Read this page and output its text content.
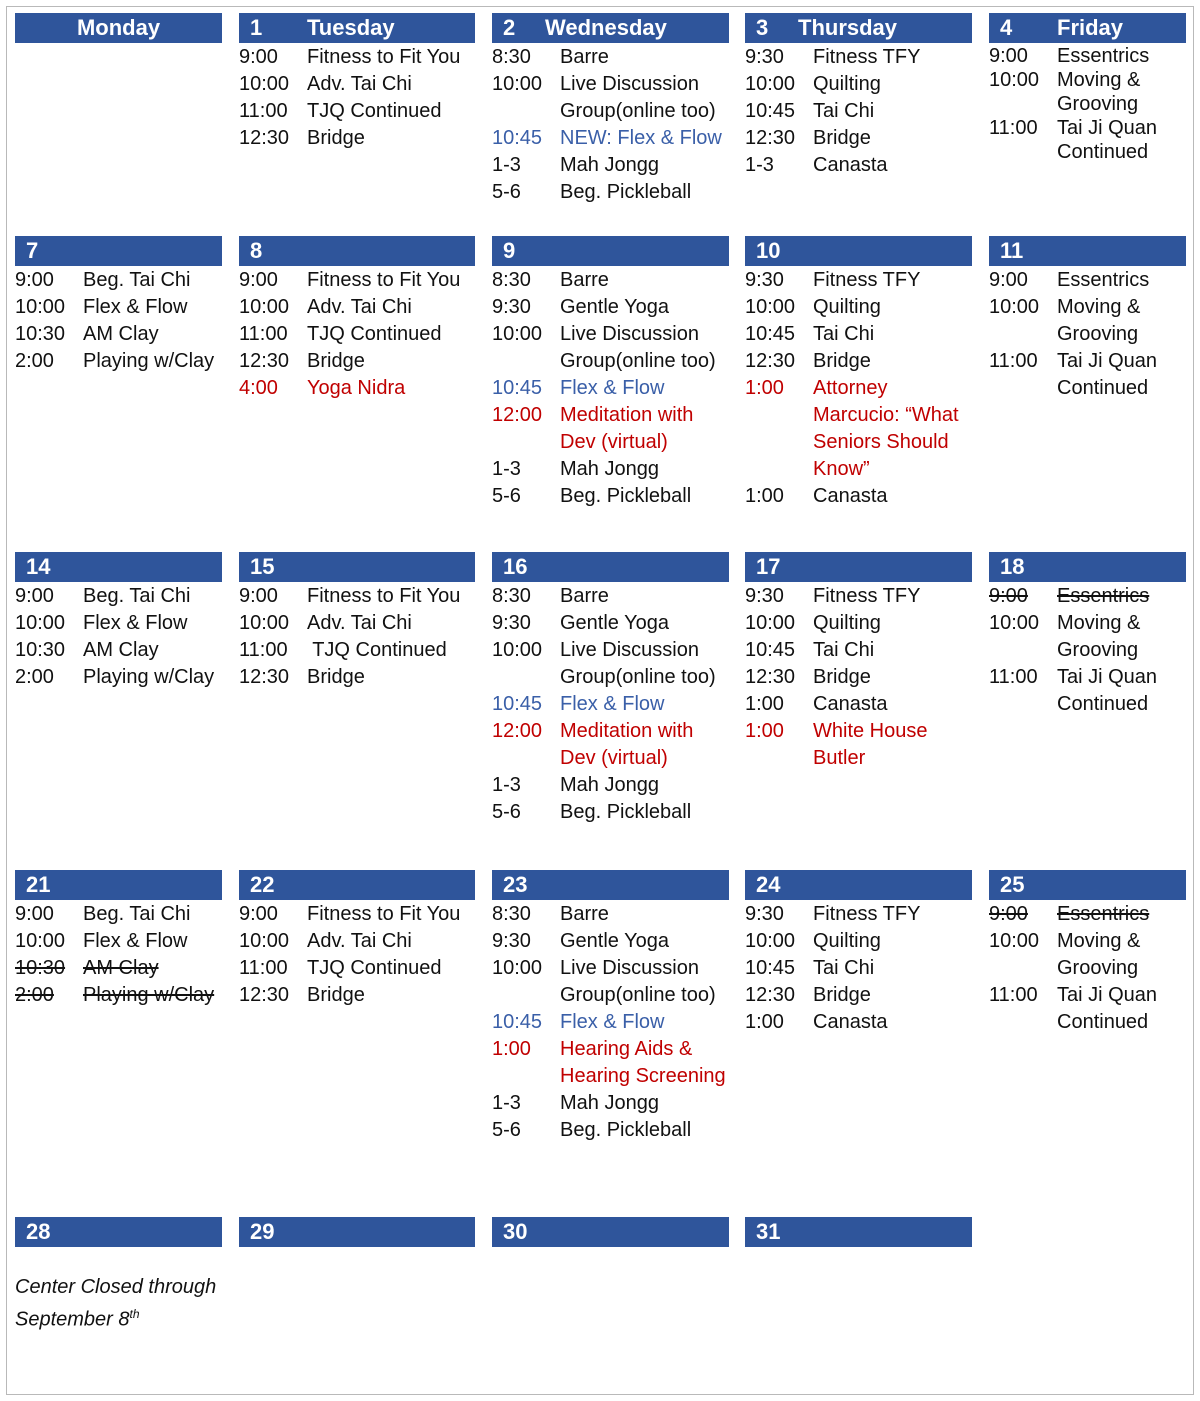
Monday	1 Tuesday
9:00	Fitness to Fit You
10:00 Adv. Tai Chi
11:00 TJQ Continued
12:30 Bridge
2 Wednesday
8:30	Barre
10:00 Live Discussion Group(online too)
10:45 NEW: Flex & Flow
1-3	Mah Jongg
5-6	Beg. Pickleball
3 Thursday
9:30	Fitness TFY
10:00 Quilting
10:45 Tai Chi
12:30 Bridge
1-3	Canasta
4 Friday
9:00	Essentrics
10:00 Moving & Grooving
11:00 Tai Ji Quan Continued
7
9:00	Beg. Tai Chi
10:00 Flex & Flow
10:30 AM Clay
2:00	Playing w/Clay
8
9:00	Fitness to Fit You
10:00 Adv. Tai Chi
11:00 TJQ Continued
12:30 Bridge
4:00	Yoga Nidra
9
8:30	Barre
9:30	Gentle Yoga
10:00 Live Discussion Group(online too)
10:45 Flex & Flow
12:00 Meditation with Dev (virtual)
1-3	Mah Jongg
5-6	Beg. Pickleball
10
9:30	Fitness TFY
10:00 Quilting
10:45 Tai Chi
12:30 Bridge
1:00	Attorney Marcucio: “What Seniors Should Know”
1:00	Canasta
11
9:00	Essentrics
10:00 Moving & Grooving
11:00 Tai Ji Quan Continued
14
9:00	Beg. Tai Chi
10:00 Flex & Flow
10:30 AM Clay
2:00	Playing w/Clay
15
9:00	Fitness to Fit You
10:00 Adv. Tai Chi
11:00 TJQ Continued
12:30 Bridge
16
8:30	Barre
9:30	Gentle Yoga
10:00 Live Discussion Group(online too)
10:45 Flex & Flow
12:00 Meditation with Dev (virtual)
1-3	Mah Jongg
5-6	Beg. Pickleball
17
9:30	Fitness TFY
10:00 Quilting
10:45 Tai Chi
12:30 Bridge
1:00	Canasta
1:00	White House Butler
18
9:00	Essentrics
10:00 Moving & Grooving
11:00 Tai Ji Quan Continued
21
9:00	Beg. Tai Chi
10:00 Flex & Flow
10:30 AM Clay
2:00	Playing w/Clay
22
9:00	Fitness to Fit You
10:00 Adv. Tai Chi
11:00 TJQ Continued
12:30 Bridge
23
8:30	Barre
9:30	Gentle Yoga
10:00 Live Discussion Group(online too)
10:45 Flex & Flow
1:00	Hearing Aids & Hearing Screening
1-3	Mah Jongg
5-6	Beg. Pickleball
24
9:30	Fitness TFY
10:00 Quilting
10:45 Tai Chi
12:30 Bridge
1:00	Canasta
25
9:00	Essentrics
10:00 Moving & Grooving
11:00 Tai Ji Quan Continued
28
Center Closed through September 8th
29	30	31
